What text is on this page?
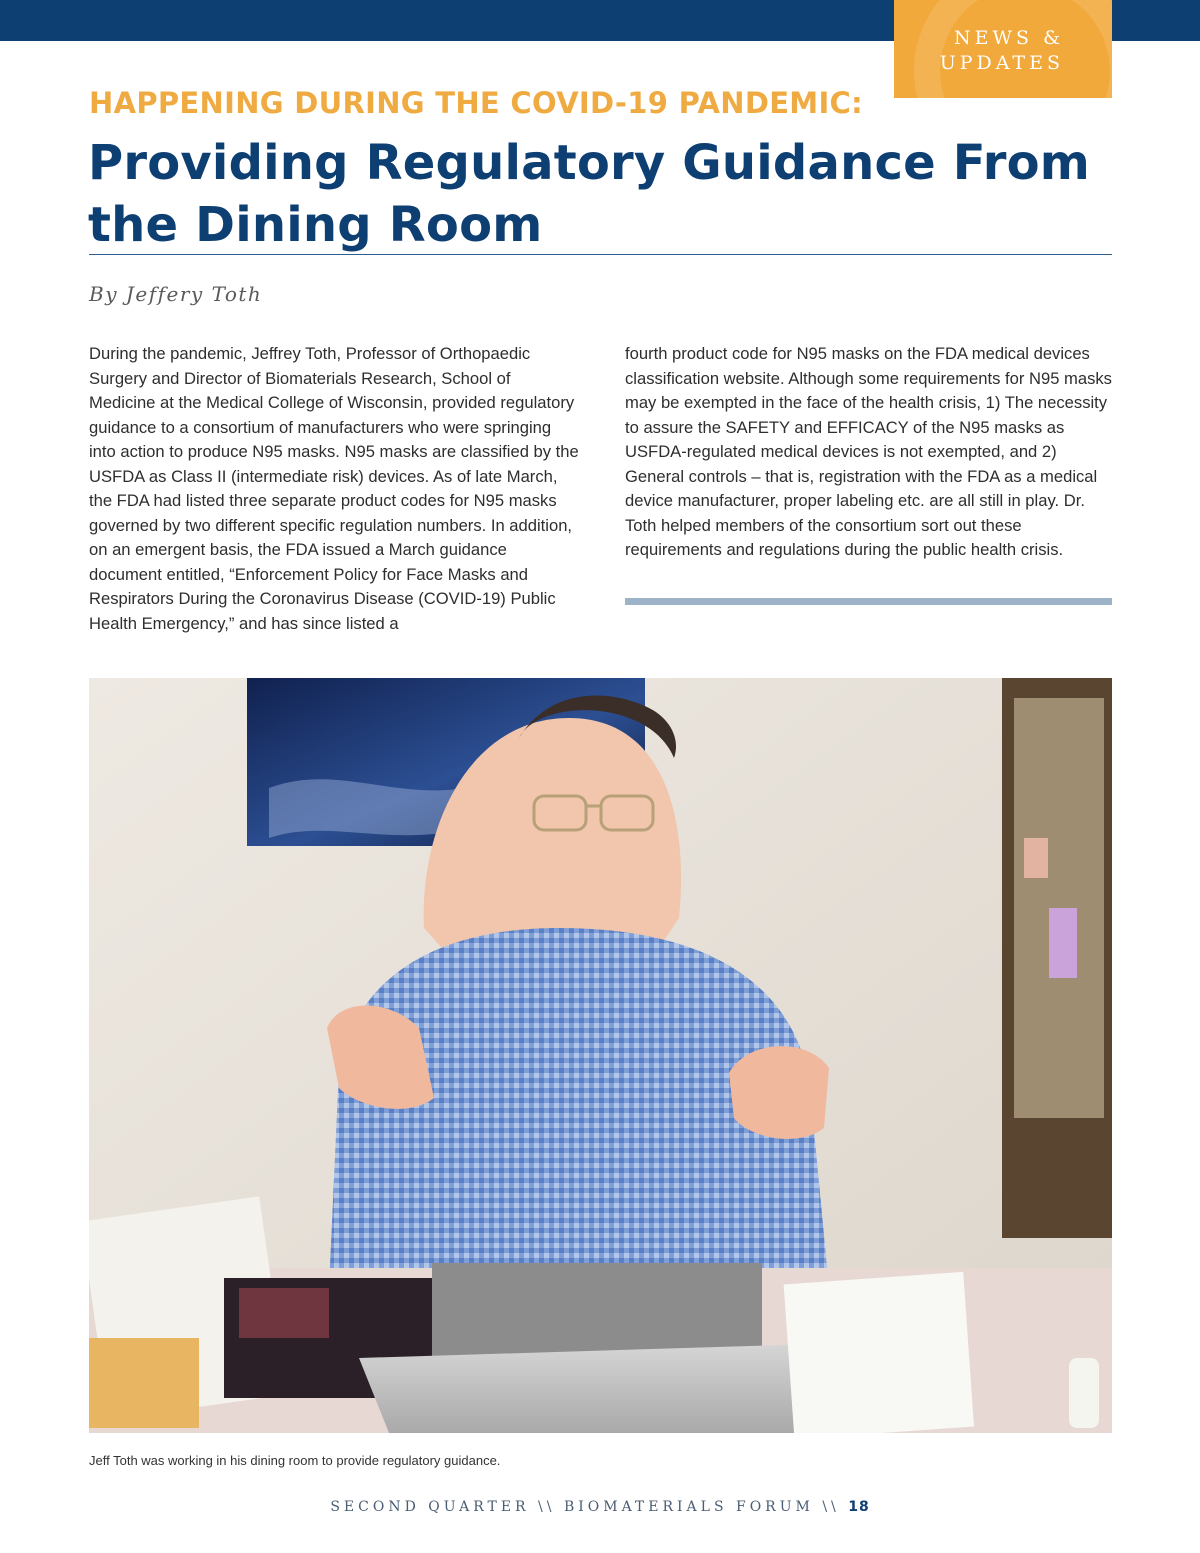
NEWS &
UPDATES
HAPPENING DURING THE COVID-19 PANDEMIC:
Providing Regulatory Guidance From the Dining Room
By Jeffery Toth
During the pandemic, Jeffrey Toth, Professor of Orthopaedic Surgery and Director of Biomaterials Research, School of Medicine at the Medical College of Wisconsin, provided regulatory guidance to a consortium of manufacturers who were springing into action to produce N95 masks. N95 masks are classified by the USFDA as Class II (intermediate risk) devices. As of late March, the FDA had listed three separate product codes for N95 masks governed by two different specific regulation numbers. In addition, on an emergent basis, the FDA issued a March guidance document entitled, “Enforcement Policy for Face Masks and Respirators During the Coronavirus Disease (COVID-19) Public Health Emergency,” and has since listed a
fourth product code for N95 masks on the FDA medical devices classification website. Although some requirements for N95 masks may be exempted in the face of the health crisis, 1) The necessity to assure the SAFETY and EFFICACY of the N95 masks as USFDA-regulated medical devices is not exempted, and 2) General controls – that is, registration with the FDA as a medical device manufacturer, proper labeling etc. are all still in play. Dr. Toth helped members of the consortium sort out these requirements and regulations during the public health crisis.
Jeff Toth was working in his dining room to provide regulatory guidance.
SECOND QUARTER \\ BIOMATERIALS FORUM \\ 18
